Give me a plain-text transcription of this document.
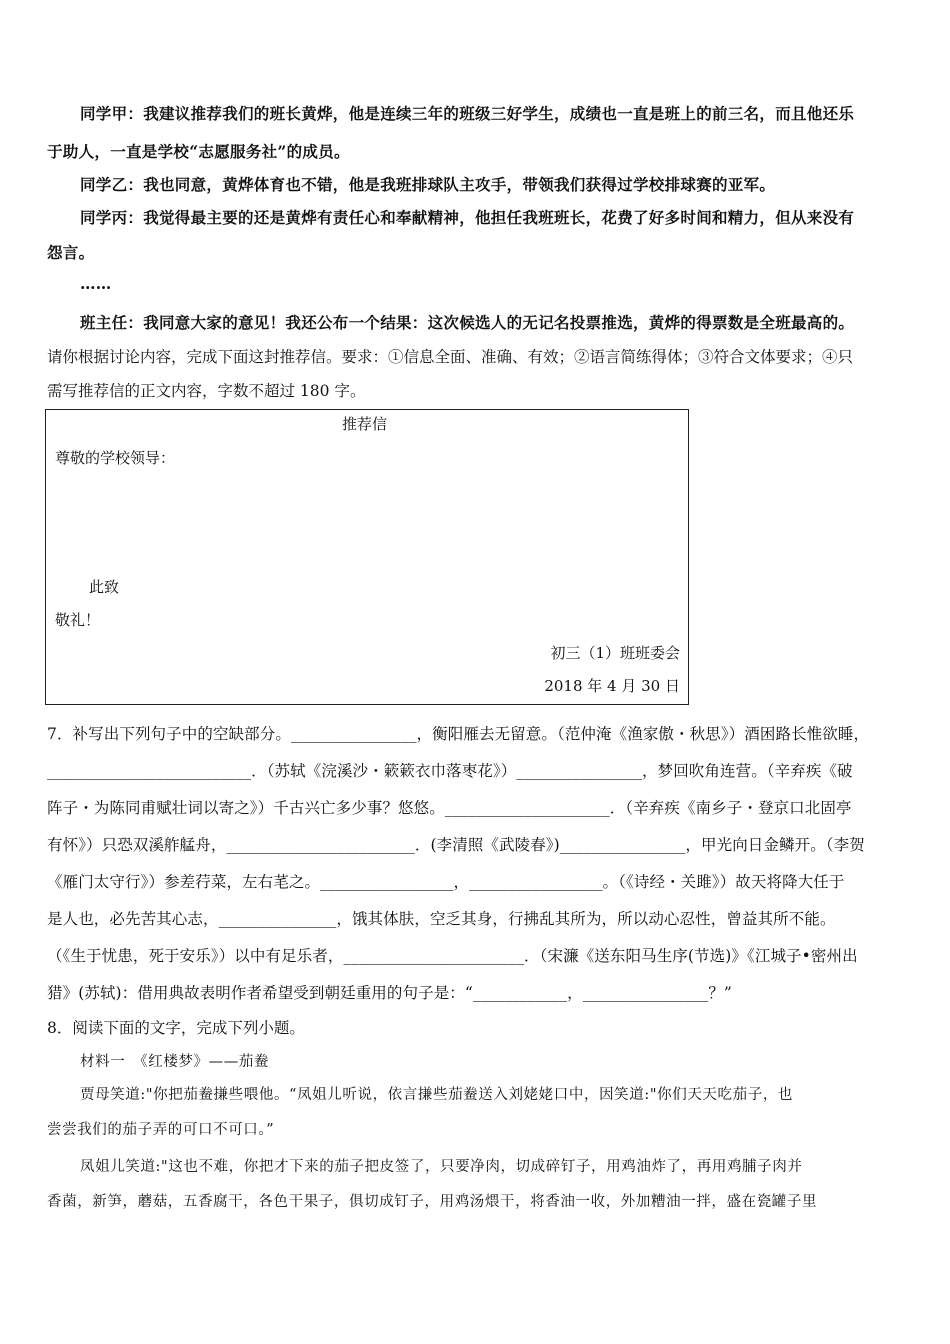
同学甲：我建议推荐我们的班长黄烨，他是连续三年的班级三好学生，成绩也一直是班上的前三名，而且他还乐
于助人，一直是学校“志愿服务社”的成员。
同学乙：我也同意，黄烨体育也不错，他是我班排球队主攻手，带领我们获得过学校排球赛的亚军。
同学丙：我觉得最主要的还是黄烨有责任心和奉献精神，他担任我班班长，花费了好多时间和精力，但从来没有
怨言。
……
班主任：我同意大家的意见！我还公布一个结果：这次候选人的无记名投票推选，黄烨的得票数是全班最高的。
请你根据讨论内容，完成下面这封推荐信。要求：①信息全面、准确、有效；②语言简练得体；③符合文体要求；④只
需写推荐信的正文内容，字数不超过 180 字。
推荐信
尊敬的学校领导：
此致
敬礼！
初三（1）班班委会
2018 年 4 月 30 日
7．补写出下列句子中的空缺部分。________________，衡阳雁去无留意。（范仲淹《渔家傲・秋思》）酒困路长惟欲睡，
__________________________．（苏轼《浣溪沙・簌簌衣巾落枣花》）________________，梦回吹角连营。（辛弃疾《破
阵子・为陈同甫赋壮词以寄之》）千古兴亡多少事？悠悠。_____________________．（辛弃疾《南乡子・登京口北固亭
有怀》）只恐双溪舴艋舟，________________________．(李清照《武陵春》)________________，甲光向日金鳞开。（李贺
《雁门太守行》）参差荇菜，左右芼之。_________________，_________________。（《诗经・关雎》）故天将降大任于
是人也，必先苦其心志，_______________，饿其体肤，空乏其身，行拂乱其所为，所以动心忍性，曾益其所不能。
（《生于忧患，死于安乐》）以中有足乐者，_______________________．（宋濂《送东阳马生序(节选)》《江城子•密州出
猎》(苏轼)：借用典故表明作者希望受到朝廷重用的句子是：“____________，________________？”
8．阅读下面的文字，完成下列小题。
材料一　《红楼梦》——茄鲞
贾母笑道:"你把茄鲞搛些喂他。“凤姐儿听说，依言搛些茄鲞送入刘姥姥口中，因笑道:"你们天天吃茄子，也
尝尝我们的茄子弄的可口不可口。”
凤姐儿笑道:"这也不难，你把才下来的茄子把皮签了，只要净肉，切成碎钉子，用鸡油炸了，再用鸡脯子肉并
香菌，新笋，蘑菇，五香腐干，各色干果子，俱切成钉子，用鸡汤煨干，将香油一收，外加糟油一拌，盛在瓷罐子里
